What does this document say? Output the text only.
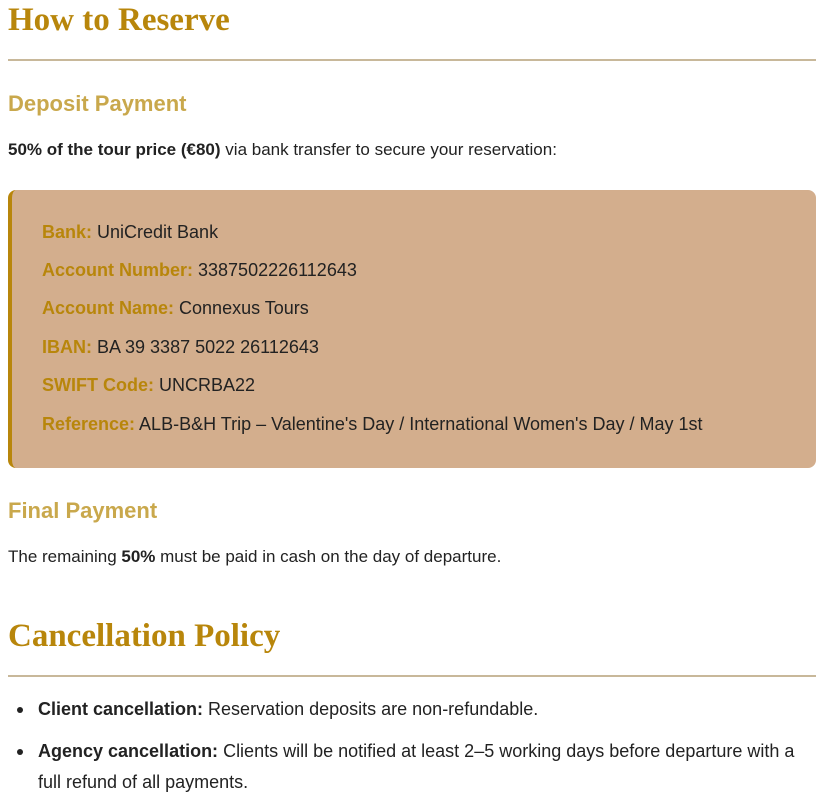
How to Reserve
Deposit Payment

50% of the tour price (€80) via bank transfer to secure your reservation:

Bank: UniCredit Bank
Account Number: 3387502226112643
Account Name: Connexus Tours
IBAN: BA 39 3387 5022 26112643
SWIFT Code: UNCRBA22
Reference: ALB-B&H Trip – Valentine's Day / International Women's Day / May 1st
Final Payment

The remaining 50% must be paid in cash on the day of departure.

Cancellation Policy
Client cancellation: Reservation deposits are non-refundable.
Agency cancellation: Clients will be notified at least 2–5 working days before departure with a full refund of all payments.
